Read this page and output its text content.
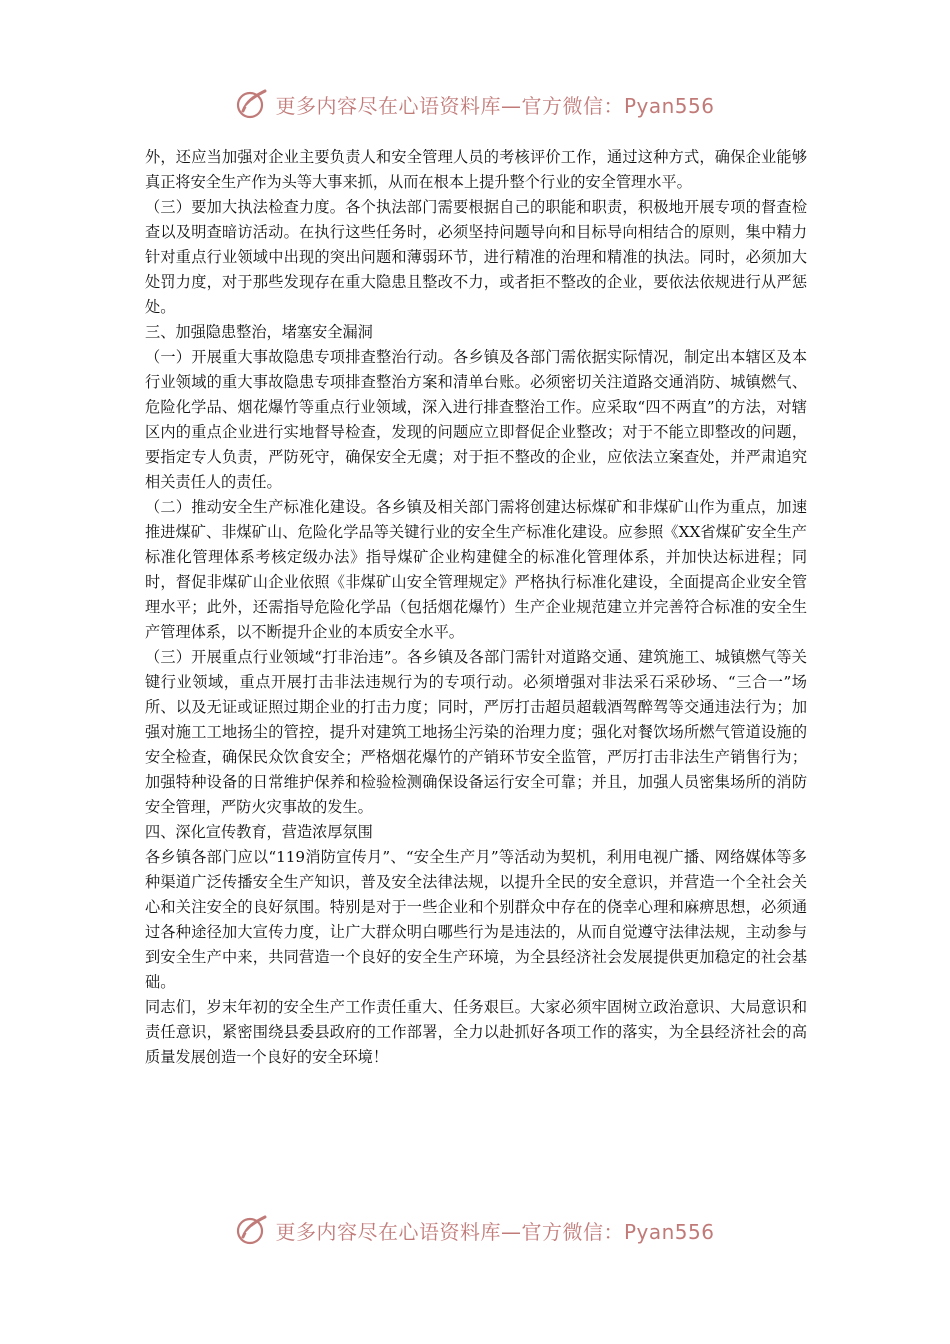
更多内容尽在心语资料库—官方微信：Pyan556

外，还应当加强对企业主要负责人和安全管理人员的考核评价工作，通过这种方式，确保企业能够真正将安全生产作为头等大事来抓，从而在根本上提升整个行业的安全管理水平。

（三）要加大执法检查力度。各个执法部门需要根据自己的职能和职责，积极地开展专项的督查检查以及明查暗访活动。在执行这些任务时，必须坚持问题导向和目标导向相结合的原则，集中精力针对重点行业领域中出现的突出问题和薄弱环节，进行精准的治理和精准的执法。同时，必须加大处罚力度，对于那些发现存在重大隐患且整改不力，或者拒不整改的企业，要依法依规进行从严惩处。

三、加强隐患整治，堵塞安全漏洞

（一）开展重大事故隐患专项排查整治行动。各乡镇及各部门需依据实际情况，制定出本辖区及本行业领域的重大事故隐患专项排查整治方案和清单台账。必须密切关注道路交通消防、城镇燃气、危险化学品、烟花爆竹等重点行业领域，深入进行排查整治工作。应采取“四不两直”的方法，对辖区内的重点企业进行实地督导检查，发现的问题应立即督促企业整改；对于不能立即整改的问题，要指定专人负责，严防死守，确保安全无虞；对于拒不整改的企业，应依法立案查处，并严肃追究相关责任人的责任。

（二）推动安全生产标准化建设。各乡镇及相关部门需将创建达标煤矿和非煤矿山作为重点，加速推进煤矿、非煤矿山、危险化学品等关键行业的安全生产标准化建设。应参照《XX省煤矿安全生产标准化管理体系考核定级办法》指导煤矿企业构建健全的标准化管理体系，并加快达标进程；同时，督促非煤矿山企业依照《非煤矿山安全管理规定》严格执行标准化建设，全面提高企业安全管理水平；此外，还需指导危险化学品（包括烟花爆竹）生产企业规范建立并完善符合标准的安全生产管理体系，以不断提升企业的本质安全水平。

（三）开展重点行业领域“打非治违”。各乡镇及各部门需针对道路交通、建筑施工、城镇燃气等关键行业领域，重点开展打击非法违规行为的专项行动。必须增强对非法采石采砂场、“三合一”场所、以及无证或证照过期企业的打击力度；同时，严厉打击超员超载酒驾醉驾等交通违法行为；加强对施工工地扬尘的管控，提升对建筑工地扬尘污染的治理力度；强化对餐饮场所燃气管道设施的安全检查，确保民众饮食安全；严格烟花爆竹的产销环节安全监管，严厉打击非法生产销售行为；加强特种设备的日常维护保养和检验检测确保设备运行安全可靠；并且，加强人员密集场所的消防安全管理，严防火灾事故的发生。

四、深化宣传教育，营造浓厚氛围

各乡镇各部门应以“119消防宣传月”、“安全生产月”等活动为契机，利用电视广播、网络媒体等多种渠道广泛传播安全生产知识，普及安全法律法规，以提升全民的安全意识，并营造一个全社会关心和关注安全的良好氛围。特别是对于一些企业和个别群众中存在的侥幸心理和麻痹思想，必须通过各种途径加大宣传力度，让广大群众明白哪些行为是违法的，从而自觉遵守法律法规，主动参与到安全生产中来，共同营造一个良好的安全生产环境，为全县经济社会发展提供更加稳定的社会基础。

同志们，岁末年初的安全生产工作责任重大、任务艰巨。大家必须牢固树立政治意识、大局意识和责任意识，紧密围绕县委县政府的工作部署，全力以赴抓好各项工作的落实，为全县经济社会的高质量发展创造一个良好的安全环境！

更多内容尽在心语资料库—官方微信：Pyan556
